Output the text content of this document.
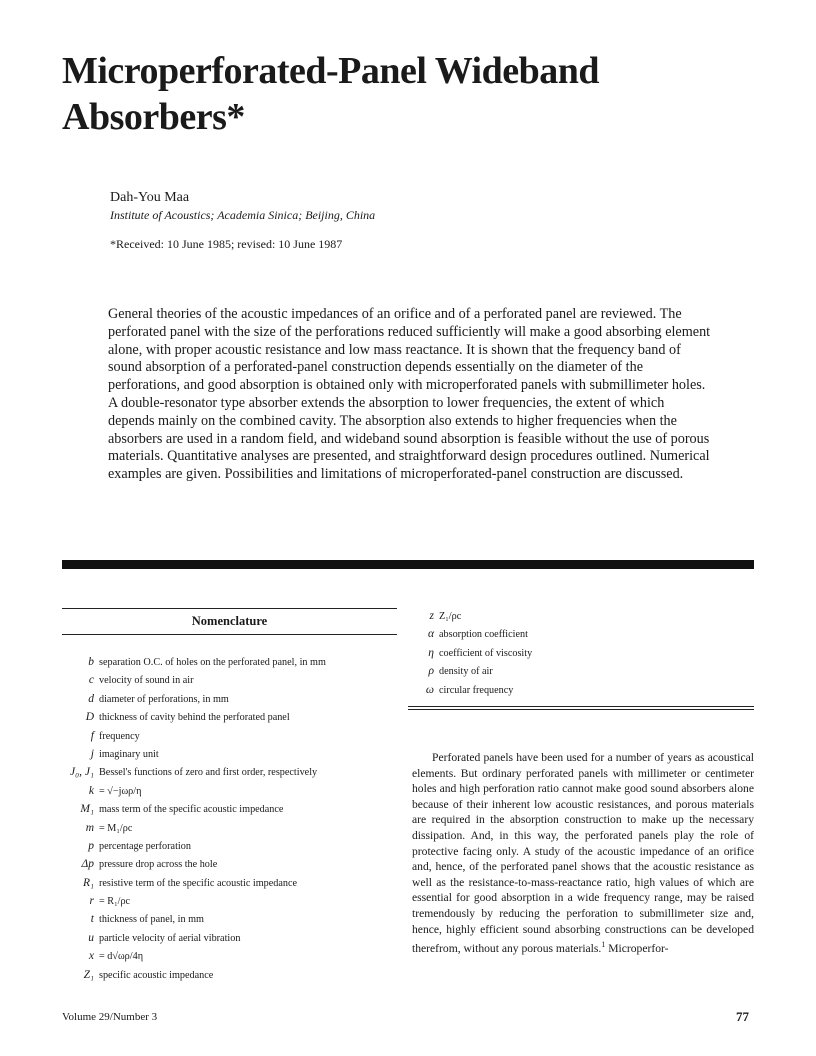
Microperforated-Panel Wideband
Absorbers*
Dah-You Maa
Institute of Acoustics; Academia Sinica; Beijing, China
*Received: 10 June 1985; revised: 10 June 1987

General theories of the acoustic impedances of an orifice and of a perforated panel are reviewed. The perforated panel with the size of the perforations reduced sufficiently will make a good absorbing element alone, with proper acoustic resistance and low mass reactance. It is shown that the frequency band of sound absorption of a perforated-panel construction depends essentially on the diameter of the perforations, and good absorption is obtained only with microperforated panels with submillimeter holes. A double-resonator type absorber extends the absorption to lower frequencies, the extent of which depends mainly on the combined cavity. The absorption also extends to higher frequencies when the absorbers are used in a random field, and wideband sound absorption is feasible without the use of porous materials. Quantitative analyses are presented, and straightforward design procedures outlined. Numerical examples are given. Possibilities and limitations of microperforated-panel construction are discussed.

Nomenclature
b separation O.C. of holes on the perforated panel, in mm
c velocity of sound in air
d diameter of perforations, in mm
D thickness of cavity behind the perforated panel
f frequency
j imaginary unit
J₀, J₁ Bessel's functions of zero and first order, respectively
k = √−jωρ/η
M₁ mass term of the specific acoustic impedance
m = M₁/ρc
p percentage perforation
Δp pressure drop across the hole
R₁ resistive term of the specific acoustic impedance
r = R₁/ρc
t thickness of panel, in mm
u particle velocity of aerial vibration
x = d√ωρ/4η
Z₁ specific acoustic impedance
z Z₁/ρc
α absorption coefficient
η coefficient of viscosity
ρ density of air
ω circular frequency

Perforated panels have been used for a number of years as acoustical elements. But ordinary perforated panels with millimeter or centimeter holes and high perforation ratio cannot make good sound absorbers alone because of their inherent low acoustic resistances, and porous materials are required in the absorption construction to make up the necessary dissipation. And, in this way, the perforated panels play the role of protective facing only. A study of the acoustic impedance of an orifice and, hence, of the perforated panel shows that the acoustic resistance as well as the resistance-to-mass-reactance ratio, high values of which are essential for good absorption in a wide frequency range, may be raised tremendously by reducing the perforation to submillimeter size and, hence, highly efficient sound absorbing constructions can be developed therefrom, without any porous materials.$^1$ Microperfor-

Volume 29/Number 3	77
